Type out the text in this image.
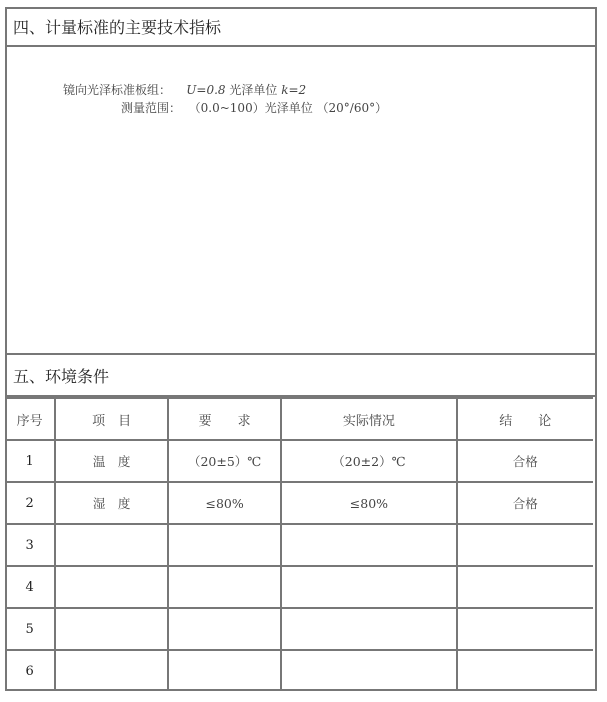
四、计量标准的主要技术指标
镜向光泽标准板组： U=0.8 光泽单位 k=2
测量范围： （0.0~100）光泽单位 （20°/60°）
五、环境条件
序号	项　目	要　　求	实际情况	结　　论
1	温　度	（20±5）℃	（20±2）℃	合格
2	湿　度	≤80%	≤80%	合格
3				
4				
5				
6				
